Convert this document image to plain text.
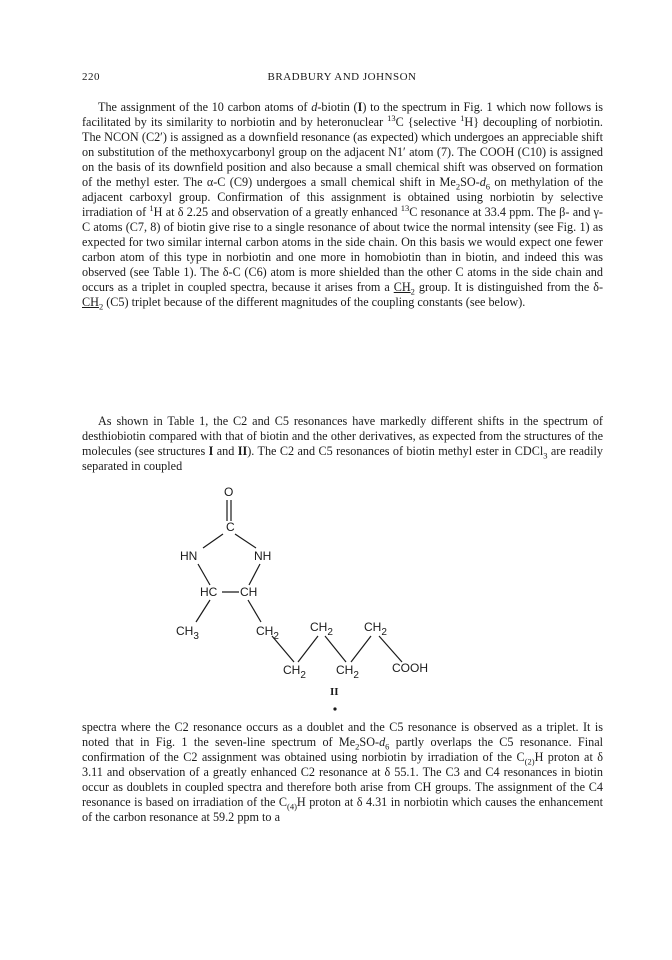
220	BRADBURY AND JOHNSON

The assignment of the 10 carbon atoms of d-biotin (I) to the spectrum in Fig. 1 which now follows is facilitated by its similarity to norbiotin and by heteronuclear $^{13}$C {selective $^1$H} decoupling of norbiotin. The NCON (C2′) is assigned as a downfield resonance (as expected) which undergoes an appreciable shift on substitution of the methoxycarbonyl group on the adjacent N1′ atom (7). The COOH (C10) is assigned on the basis of its downfield position and also because a small chemical shift was observed on formation of the methyl ester. The α-C (C9) undergoes a small chemical shift in $Me_2SO-d_6$ on methylation of the adjacent carboxyl group. Confirmation of this assignment is obtained using norbiotin by selective irradiation of $^1$H at δ 2.25 and observation of a greatly enhanced $^{13}$C resonance at 33.4 ppm. The β- and γ-C atoms (C7, 8) of biotin give rise to a single resonance of about twice the normal intensity (see Fig. 1) as expected for two similar internal carbon atoms in the side chain. On this basis we would expect one fewer carbon atom of this type in norbiotin and one more in homobiotin than in biotin, and indeed this was observed (see Table 1). The δ-C (C6) atom is more shielded than the other C atoms in the side chain and occurs as a triplet in coupled spectra, because it arises from a $CH_2$ group. It is distinguished from the $\delta-CH_2$ (C5) triplet because of the different magnitudes of the coupling constants (see below).

As shown in Table 1, the C2 and C5 resonances have markedly different shifts in the spectrum of desthiobiotin compared with that of biotin and the other derivatives, as expected from the structures of the molecules (see structures I and II). The C2 and C5 resonances of biotin methyl ester in CDCl$_3$ are readily separated in coupled

O
C
HN	NH
HC CH
$CH_3$	$CH_2$
$CH_2$	$CH_2$
$CH_2$	$CH_2$
COOH
II

spectra where the C2 resonance occurs as a doublet and the C5 resonance is observed as a triplet. It is noted that in Fig. 1 the seven-line spectrum of $Me_2SO-d_6$ partly overlaps the C5 resonance. Final confirmation of the C2 assignment was obtained using norbiotin by irradiation of the $C_{(2)}H$ proton at δ 3.11 and observation of a greatly enhanced C2 resonance at δ 55.1. The C3 and C4 resonances in biotin occur as doublets in coupled spectra and therefore both arise from CH groups. The assignment of the C4 resonance is based on irradiation of the $C_{(4)}H$ proton at δ 4.31 in norbiotin which causes the enhancement of the carbon resonance at 59.2 ppm to a
